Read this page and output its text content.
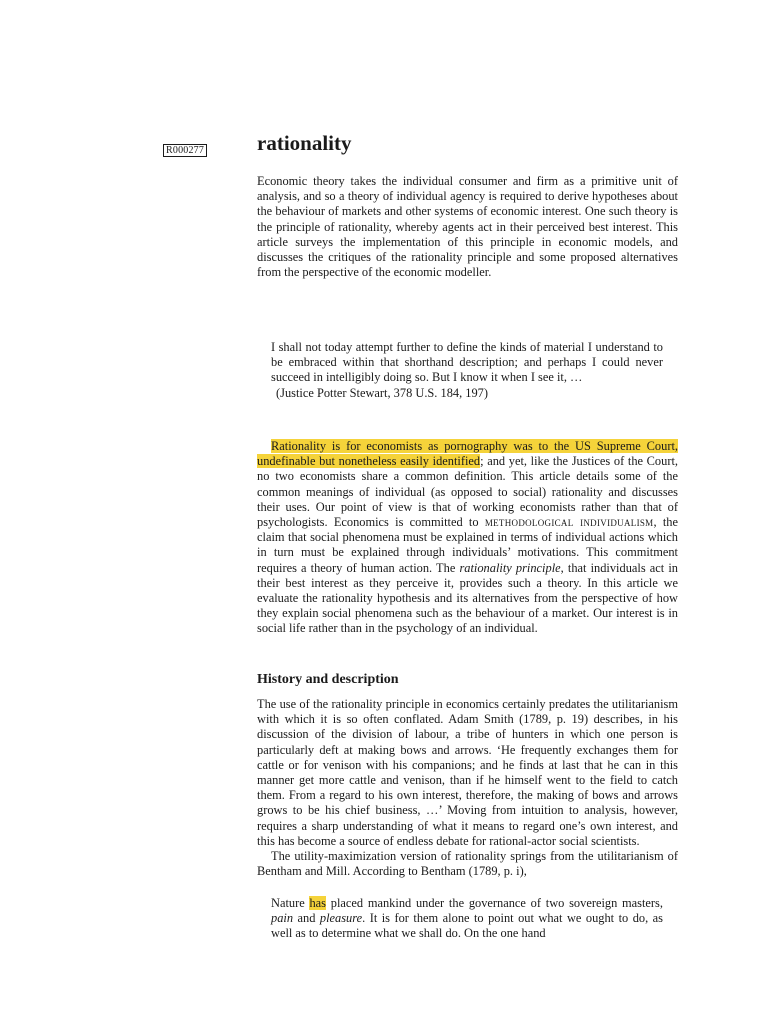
R000277	rationality

Economic theory takes the individual consumer and firm as a primitive unit of analysis, and so a theory of individual agency is required to derive hypotheses about the behaviour of markets and other systems of economic interest. One such theory is the principle of rationality, whereby agents act in their perceived best interest. This article surveys the implementation of this principle in economic models, and discusses the critiques of the rationality principle and some proposed alternatives from the perspective of the economic modeller.

I shall not today attempt further to define the kinds of material I understand to be embraced within that shorthand description; and perhaps I could never succeed in intelligibly doing so. But I know it when I see it, …

(Justice Potter Stewart, 378 U.S. 184, 197)

Rationality is for economists as pornography was to the US Supreme Court, undefinable but nonetheless easily identified; and yet, like the Justices of the Court, no two economists share a common definition. This article details some of the common meanings of individual (as opposed to social) rationality and discusses their uses. Our point of view is that of working economists rather than that of psychologists. Economics is committed to methodological individualism, the claim that social phenomena must be explained in terms of individual actions which in turn must be explained through individuals’ motivations. This commitment requires a theory of human action. The rationality principle, that individuals act in their best interest as they perceive it, provides such a theory. In this article we evaluate the rationality hypothesis and its alternatives from the perspective of how they explain social phenomena such as the behaviour of a market. Our interest is in social life rather than in the psychology of an individual.

History and description

The use of the rationality principle in economics certainly predates the utilitarianism with which it is so often conflated. Adam Smith (1789, p. 19) describes, in his discussion of the division of labour, a tribe of hunters in which one person is particularly deft at making bows and arrows. ‘He frequently exchanges them for cattle or for venison with his companions; and he finds at last that he can in this manner get more cattle and venison, than if he himself went to the field to catch them. From a regard to his own interest, therefore, the making of bows and arrows grows to be his chief business, …’ Moving from intuition to analysis, however, requires a sharp understanding of what it means to regard one’s own interest, and this has become a source of endless debate for rational-actor social scientists.

The utility-maximization version of rationality springs from the utilitarianism of Bentham and Mill. According to Bentham (1789, p. i),

Nature has placed mankind under the governance of two sovereign masters, pain and pleasure. It is for them alone to point out what we ought to do, as well as to determine what we shall do. On the one hand
